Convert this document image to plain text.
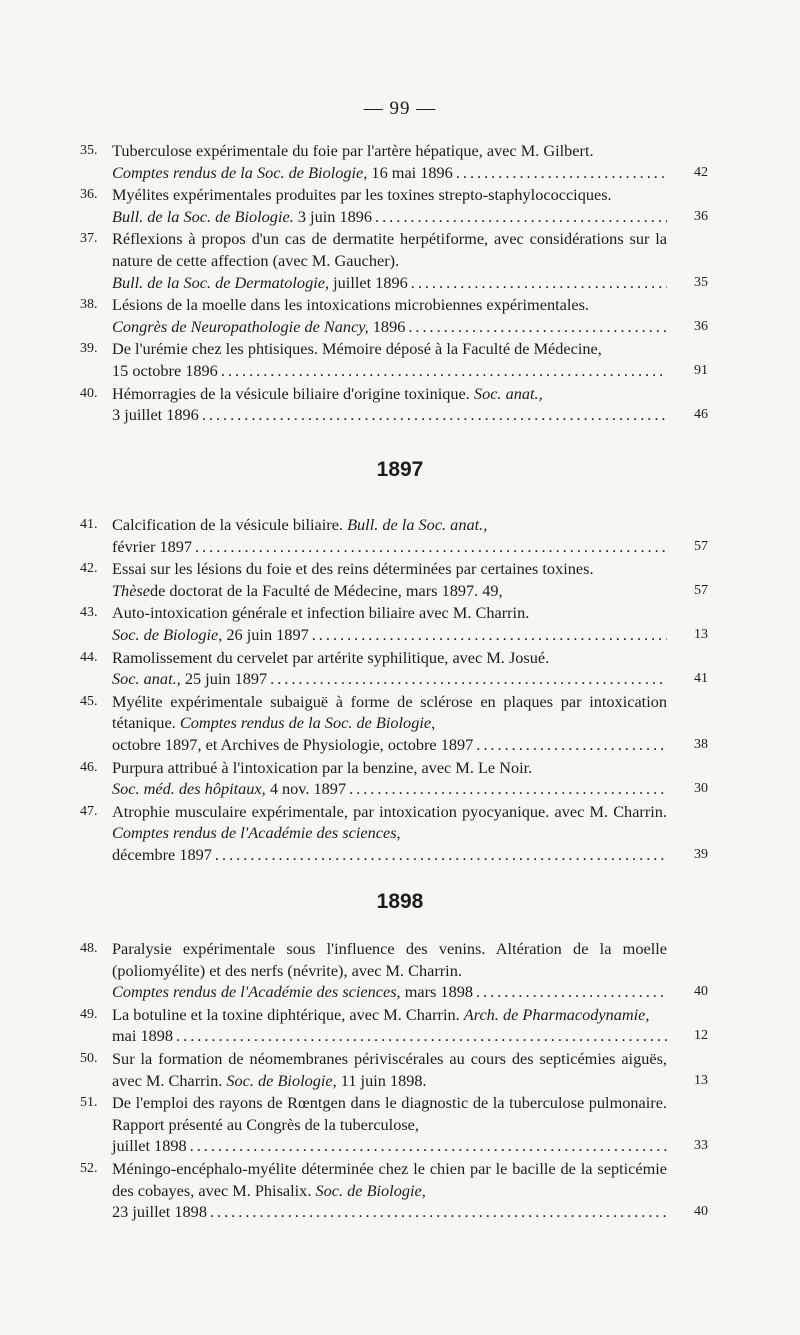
— 99 —
35. Tuberculose expérimentale du foie par l'artère hépatique, avec M. Gilbert.
Comptes rendus de la Soc. de Biologie,
16 mai 1896 .....	42
36. Myélites expérimentales produites par les toxines strepto-staphylococciques.
Bull. de la Soc. de Biologie.
3 juin 1896 .....	36
37. Réflexions à propos d'un cas de dermatite herpétiforme, avec considérations sur la nature de cette affection (avec M. Gaucher).
Bull. de la Soc. de Dermatologie,
juillet 1896 .....	35
38. Lésions de la moelle dans les intoxications microbiennes expérimentales.
Congrès de Neuropathologie de Nancy,
1896 .....	36
39. De l'urémie chez les phtisiques. Mémoire déposé à la Faculté de Médecine,
15 octobre 1896 .....	91
40. Hémorragies de la vésicule biliaire d'origine toxinique. Soc. anat.,
3 juillet 1896 .....	46
1897
41. Calcification de la vésicule biliaire. Bull. de la Soc. anat.,
février 1897 .....	57
42. Essai sur les lésions du foie et des reins déterminées par certaines toxines.
Thèse de doctorat de la Faculté de Médecine, mars 1897. 49,	57
43. Auto-intoxication générale et infection biliaire avec M. Charrin.
Soc. de Biologie,
26 juin 1897 .....	13
44. Ramolissement du cervelet par artérite syphilitique, avec M. Josué.
Soc. anat.,
25 juin 1897 .....	41
45. Myélite expérimentale subaiguë à forme de sclérose en plaques par intoxication tétanique. Comptes rendus de la Soc. de Biologie,
octobre 1897, et Archives de Physiologie, octobre 1897 .....	38
46. Purpura attribué à l'intoxication par la benzine, avec M. Le Noir.
Soc. méd. des hôpitaux,
4 nov. 1897 .....	30
47. Atrophie musculaire expérimentale, par intoxication pyocyanique. avec M. Charrin. Comptes rendus de l'Académie des sciences,
décembre 1897 .....	39
1898
48. Paralysie expérimentale sous l'influence des venins. Altération de la moelle (poliomyélite) et des nerfs (névrite), avec M. Charrin.
Comptes rendus de l'Académie des sciences,
mars 1898 .....	40
49. La botuline et la toxine diphtérique, avec M. Charrin. Arch. de Pharmacodynamie,
mai 1898 .....	12
50. Sur la formation de néomembranes périviscérales au cours des septicémies aiguës, avec M. Charrin. Soc. de Biologie, 11 juin 1898.	13
51. De l'emploi des rayons de Rœntgen dans le diagnostic de la tuberculose pulmonaire. Rapport présenté au Congrès de la tuberculose,
juillet 1898 .....	33
52. Méningo-encéphalo-myélite déterminée chez le chien par le bacille de la septicémie des cobayes, avec M. Phisalix. Soc. de Biologie,
23 juillet 1898 .....	40
